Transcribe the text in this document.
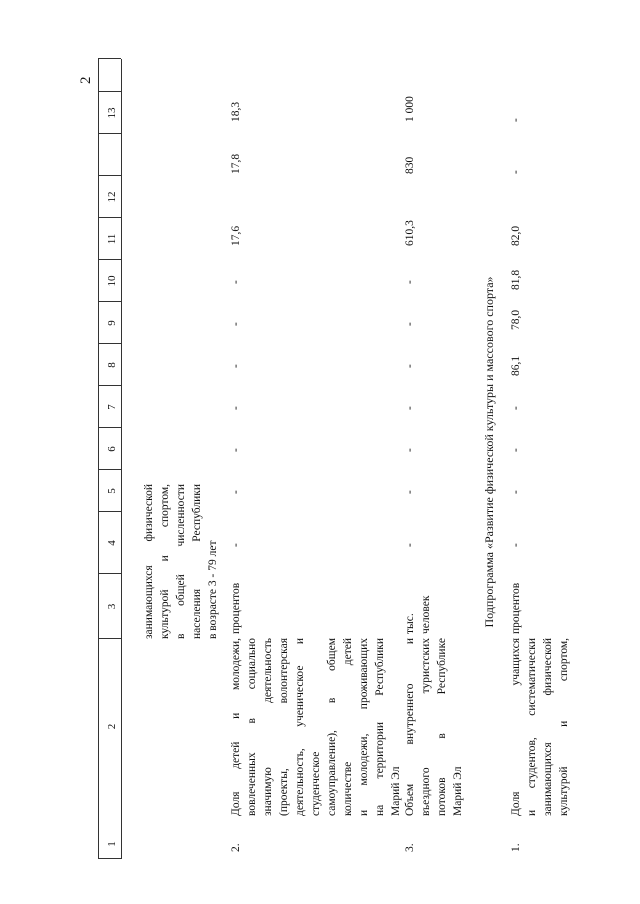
2
1
2
3
4
5
6
7
8
9
10
11
12
13
занимающихся физической культурой и спортом, в общей численности населения Республики в возрасте 3 - 79 лет
2.
Доля детей и молодежи, вовлеченных в социально значимую деятельность (проекты, волонтерская деятельность, ученическое и студенческое самоуправление), в общем количестве детей и молодежи, проживающих на территории Республики Марий Эл
процентов
-
-
-
-
-
-
-
17,6
17,8
18,3
3.
Объем внутреннего и въездного туристских потоков в Республике Марий Эл
тыс. человек
-
-
-
-
-
-
-
610,3
830
1 000
Подпрограмма «Развитие физической культуры и массового спорта»
1.
Доля учащихся и студентов, систематически занимающихся физической культурой и спортом,
процентов
-
-
-
-
86,1
78,0
81,8
82,0
-
-
